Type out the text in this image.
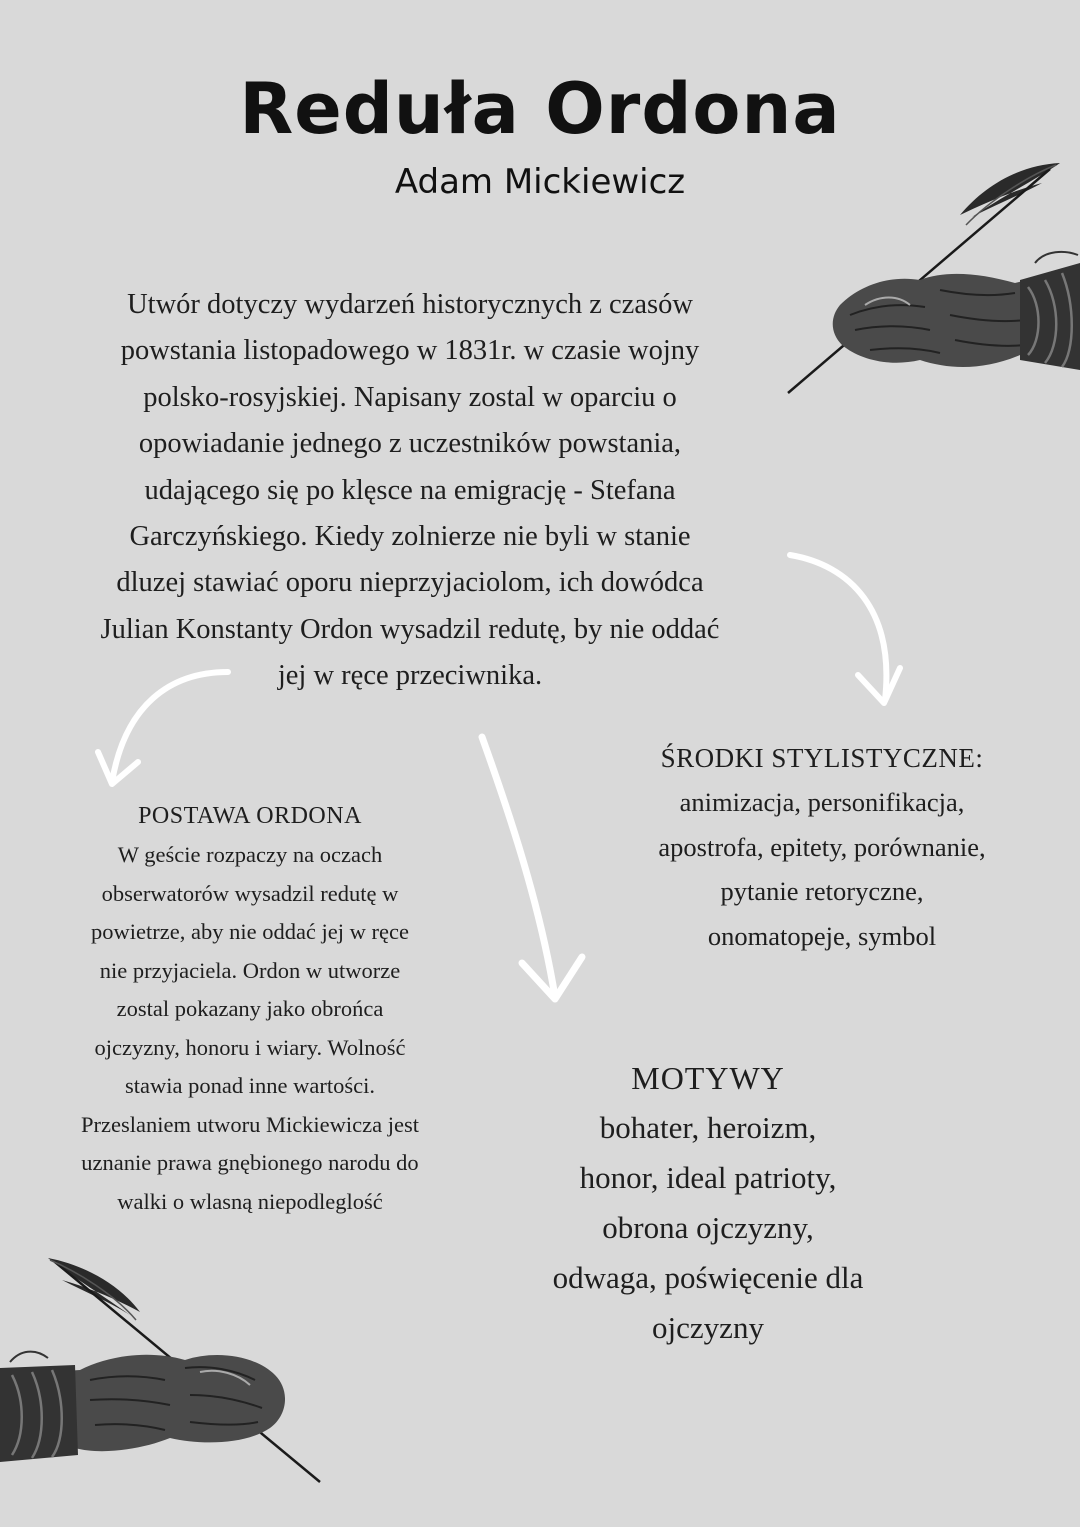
Reduła Ordona
Adam Mickiewicz
Utwór dotyczy wydarzeń historycznych z czasów
powstania listopadowego w 1831r. w czasie wojny
polsko-rosyjskiej. Napisany zostal w oparciu o
opowiadanie jednego z uczestników powstania,
udającego się po klęsce na emigrację - Stefana
Garczyńskiego. Kiedy zolnierze nie byli w stanie
dluzej stawiać oporu nieprzyjaciolom, ich dowódca
Julian Konstanty Ordon wysadzil redutę, by nie oddać
jej w ręce przeciwnika.
POSTAWA ORDONA
W geście rozpaczy na oczach
obserwatorów wysadzil redutę w
powietrze, aby nie oddać jej w ręce
nie przyjaciela. Ordon w utworze
zostal pokazany jako obrońca
ojczyzny, honoru i wiary. Wolność
stawia ponad inne wartości.
Przeslaniem utworu Mickiewicza jest
uznanie prawa gnębionego narodu do
walki o wlasną niepodleglość
ŚRODKI STYLISTYCZNE:
animizacja, personifikacja,
apostrofa, epitety, porównanie,
pytanie retoryczne,
onomatopeje, symbol
MOTYWY
bohater, heroizm,
honor, ideal patrioty,
obrona ojczyzny,
odwaga, poświęcenie dla
ojczyzny
